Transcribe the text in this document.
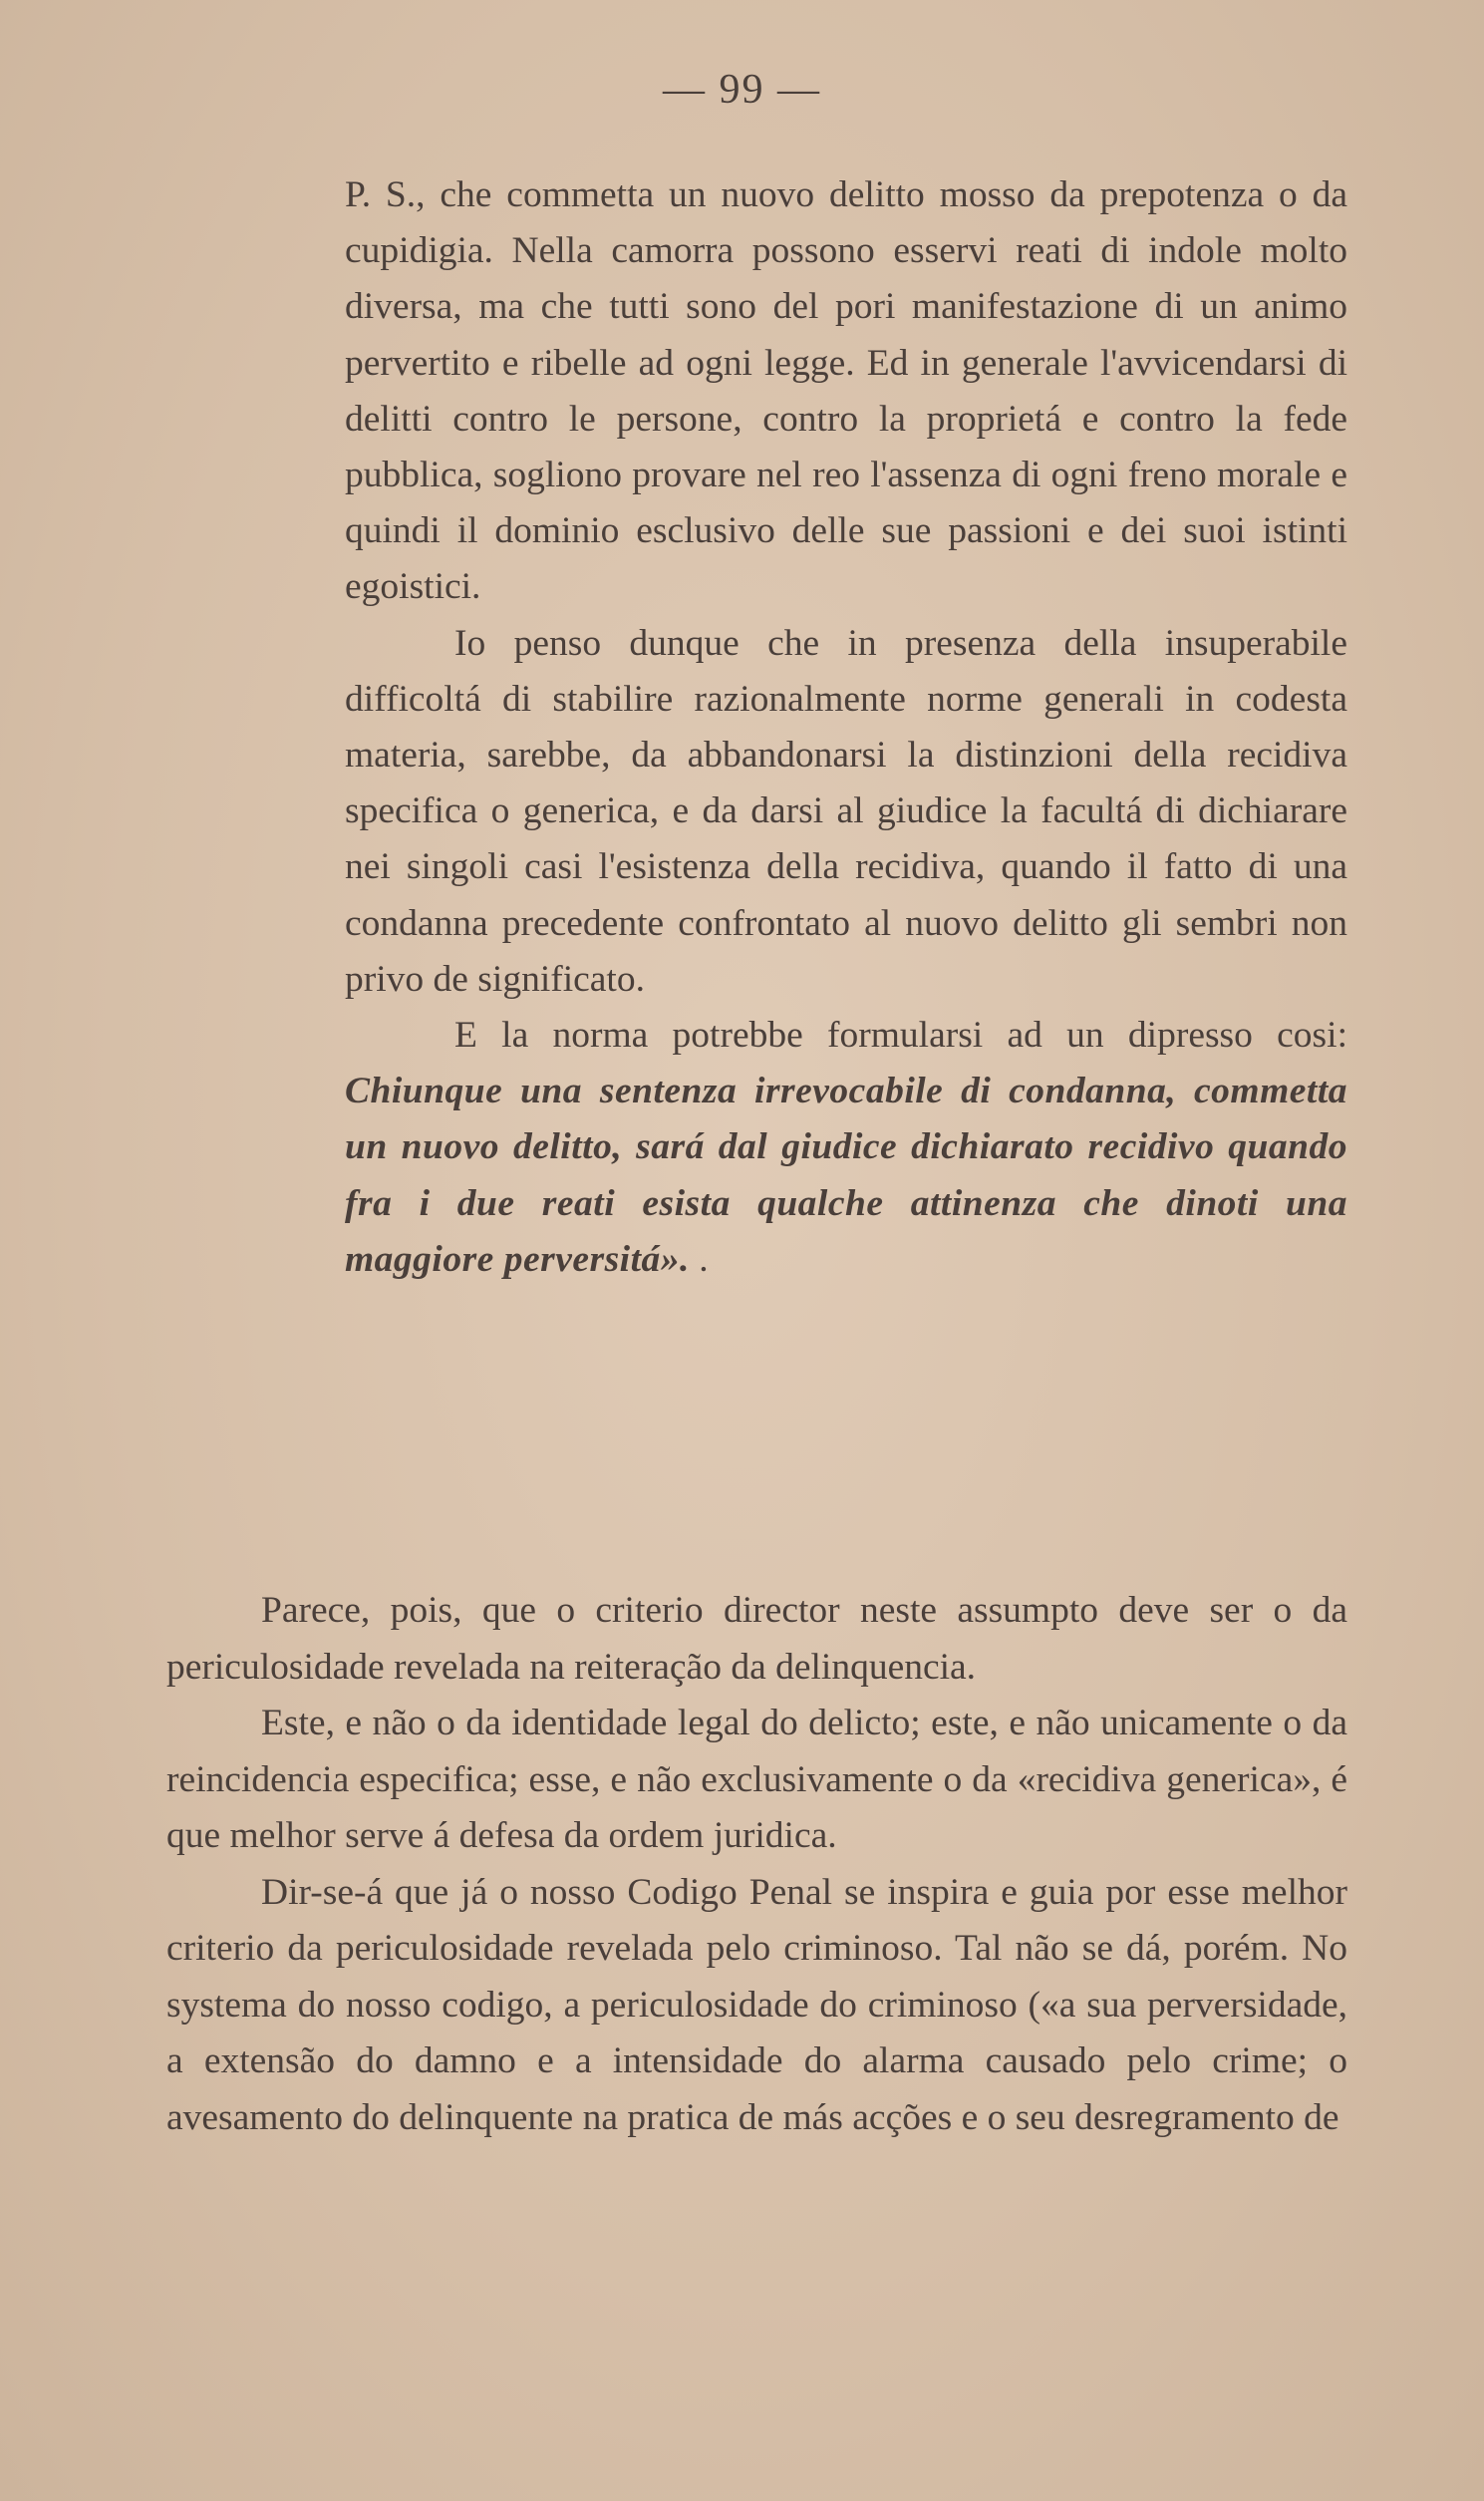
— 99 —

P. S., che commetta un nuovo delitto mosso da prepotenza o da cupidigia. Nella camorra possono esservi reati di indole molto diversa, ma che tutti sono del pori manifestazione di un animo pervertito e ribelle ad ogni legge. Ed in generale l'avvicendarsi di delitti contro le persone, contro la proprietá e contro la fede pubblica, sogliono provare nel reo l'assenza di ogni freno morale e quindi il dominio esclusivo delle sue passioni e dei suoi istinti egoistici.

Io penso dunque che in presenza della insuperabile difficoltá di stabilire razionalmente norme generali in codesta materia, sarebbe, da abbandonarsi la distinzioni della recidiva specifica o generica, e da darsi al giudice la facultá di dichiarare nei singoli casi l'esistenza della recidiva, quando il fatto di una condanna precedente confrontato al nuovo delitto gli sembri non privo de significato.

E la norma potrebbe formularsi ad un dipresso cosi: Chiunque una sentenza irrevocabile di condanna, commetta un nuovo delitto, sará dal giudice dichiarato recidivo quando fra i due reati esista qualche attinenza che dinoti una maggiore perversitá». .

Parece, pois, que o criterio director neste assumpto deve ser o da periculosidade revelada na reiteração da delinquencia.

Este, e não o da identidade legal do delicto; este, e não unicamente o da reincidencia especifica; esse, e não exclusivamente o da «recidiva generica», é que melhor serve á defesa da ordem juridica.

Dir-se-á que já o nosso Codigo Penal se inspira e guia por esse melhor criterio da periculosidade revelada pelo criminoso. Tal não se dá, porém. No systema do nosso codigo, a periculosidade do criminoso («a sua perversidade, a extensão do damno e a intensidade do alarma causado pelo crime; o avesamento do delinquente na pratica de más acções e o seu desregramento de
